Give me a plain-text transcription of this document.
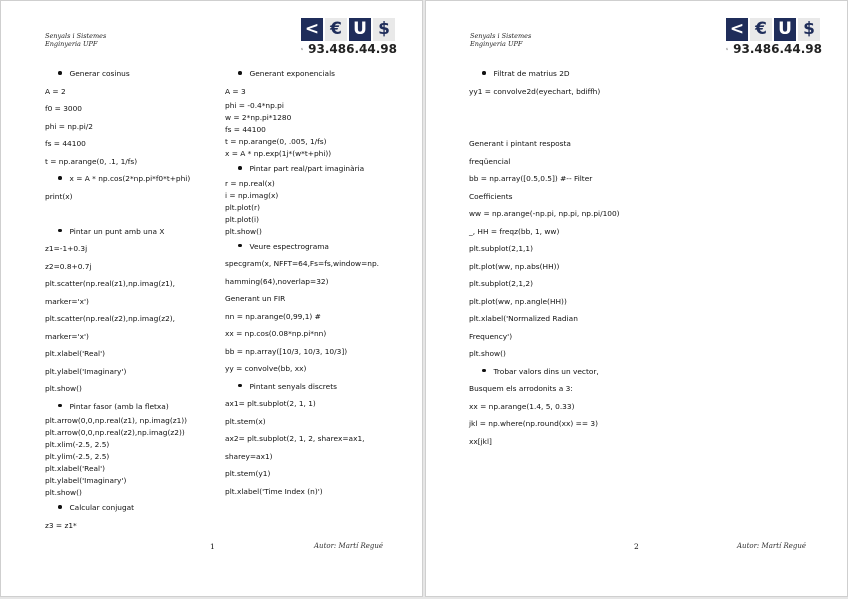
Senyals i Sistemes
Enginyeria UPF
< € U $
93.486.44.98
Generar cosinus
A = 2
f0 = 3000
phi = np.pi/2
fs = 44100
t = np.arange(0, .1, 1/fs)
x = A * np.cos(2*np.pi*f0*t+phi)
print(x)
Pintar un punt amb una X
z1=-1+0.3j
z2=0.8+0.7j
plt.scatter(np.real(z1),np.imag(z1),
marker='x')
plt.scatter(np.real(z2),np.imag(z2),
marker='x')
plt.xlabel('Real')
plt.ylabel('Imaginary')
plt.show()
Pintar fasor (amb la fletxa)
plt.arrow(0,0,np.real(z1), np.imag(z1))
plt.arrow(0,0,np.real(z2),np.imag(z2))
plt.xlim(-2.5, 2.5)
plt.ylim(-2.5, 2.5)
plt.xlabel('Real')
plt.ylabel('Imaginary')
plt.show()
Calcular conjugat
z3 = z1*
Generant exponencials
A = 3
phi = -0.4*np.pi
w = 2*np.pi*1280
fs = 44100
t = np.arange(0, .005, 1/fs)
x = A * np.exp(1j*(w*t+phi))
Pintar part real/part imaginària
r = np.real(x)
i = np.imag(x)
plt.plot(r)
plt.plot(i)
plt.show()
Veure espectrograma
specgram(x, NFFT=64,Fs=fs,window=np.
hamming(64),noverlap=32)
Generant un FIR
nn = np.arange(0,99,1) #
xx = np.cos(0.08*np.pi*nn)
bb = np.array([10/3, 10/3, 10/3])
yy = convolve(bb, xx)
Pintant senyals discrets
ax1= plt.subplot(2, 1, 1)
plt.stem(x)
ax2= plt.subplot(2, 1, 2, sharex=ax1,
sharey=ax1)
plt.stem(y1)
plt.xlabel('Time Index (n)')
1	Autor: Martí Regué
Senyals i Sistemes
Enginyeria UPF
< € U $
93.486.44.98
Filtrat de matrius 2D
yy1 = convolve2d(eyechart, bdiffh)
Generant i pintant resposta
freqüencial
bb = np.array([0.5,0.5]) #-- Filter
Coefficients
ww = np.arange(-np.pi, np.pi, np.pi/100)
_, HH = freqz(bb, 1, ww)
plt.subplot(2,1,1)
plt.plot(ww, np.abs(HH))
plt.subplot(2,1,2)
plt.plot(ww, np.angle(HH))
plt.xlabel('Normalized Radian
Frequency')
plt.show()
Trobar valors dins un vector,
Busquem els arrodonits a 3:
xx = np.arange(1.4, 5, 0.33)
jkl = np.where(np.round(xx) == 3)
xx[jkl]
2	Autor: Martí Regué
